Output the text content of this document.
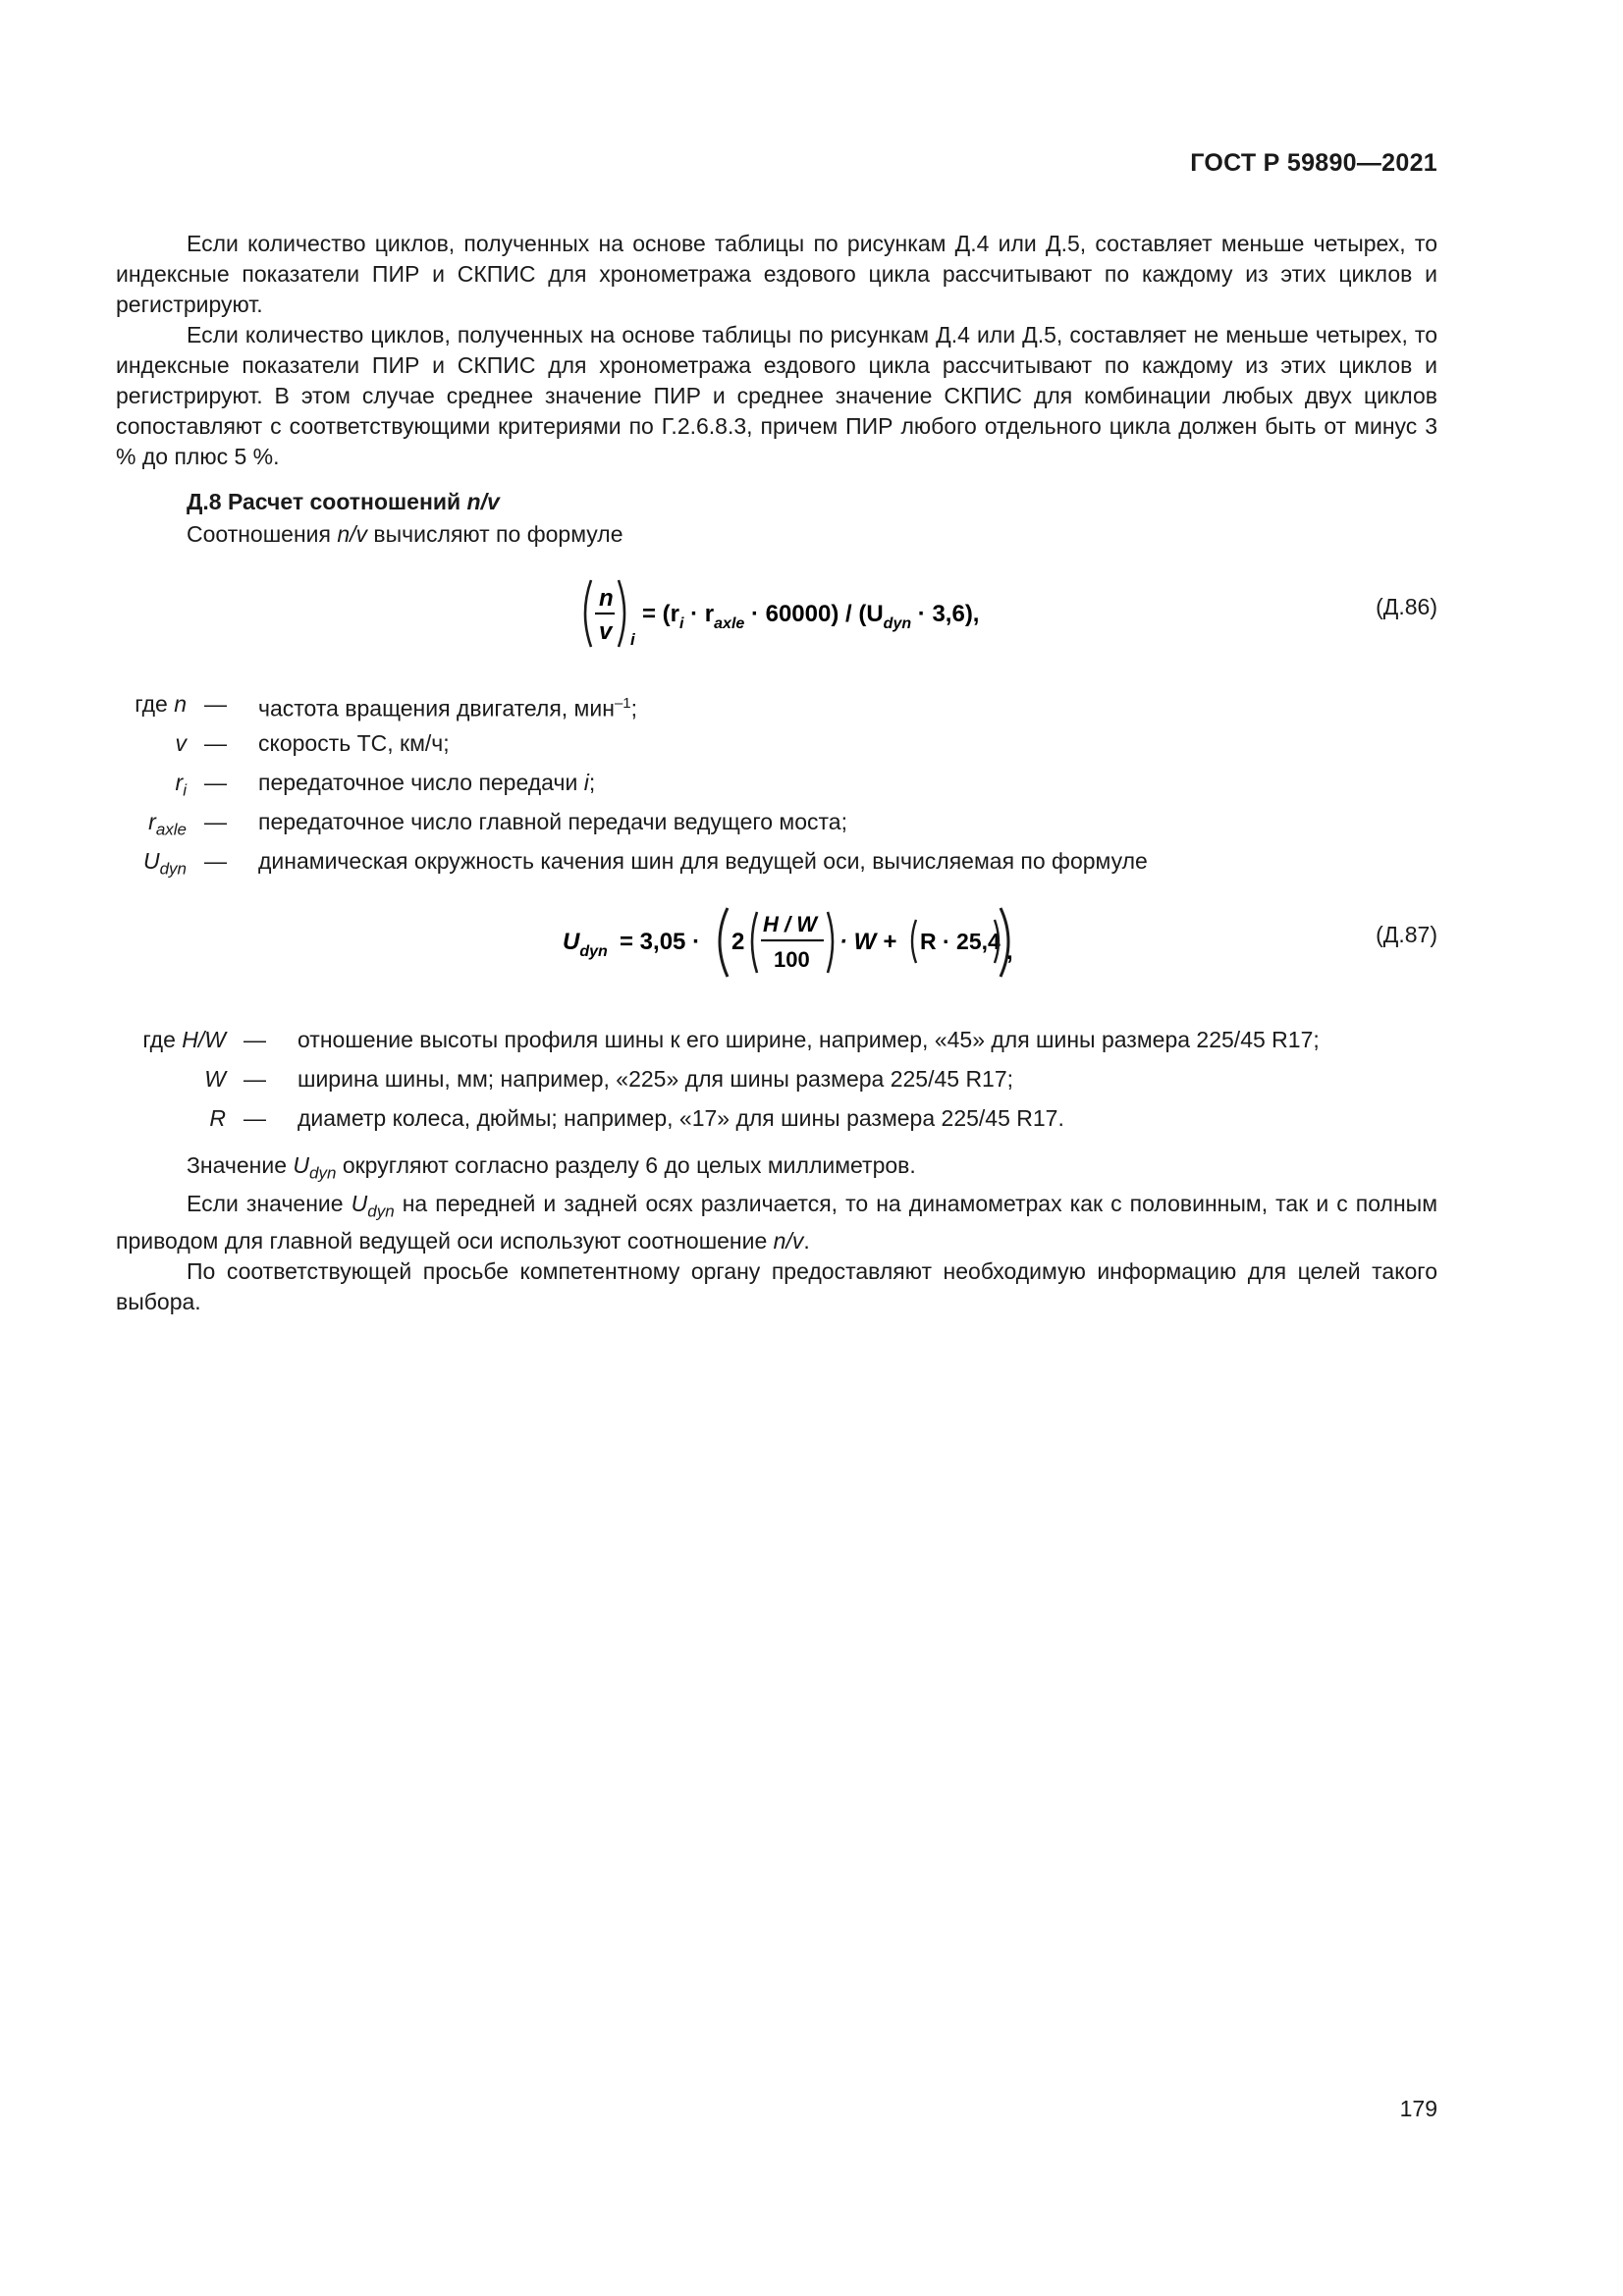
ГОСТ Р 59890—2021

Если количество циклов, полученных на основе таблицы по рисункам Д.4 или Д.5, составляет меньше четырех, то индексные показатели ПИР и СКПИС для хронометража ездового цикла рассчитывают по каждому из этих циклов и регистрируют.

Если количество циклов, полученных на основе таблицы по рисункам Д.4 или Д.5, составляет не меньше четырех, то индексные показатели ПИР и СКПИС для хронометража ездового цикла рассчитывают по каждому из этих циклов и регистрируют. В этом случае среднее значение ПИР и среднее значение СКПИС для комбинации любых двух циклов сопоставляют с соответствующими критериями по Г.2.6.8.3, причем ПИР любого отдельного цикла должен быть от минус 3 % до плюс 5 %.

Д.8 Расчет соотношений n/v

Соотношения n/v вычисляют по формуле

n
v i
= $(r_i \cdot r_{axle} \cdot 60000) / (U_{dyn} \cdot 3,6)$,	(Д.86)
где n — частота вращения двигателя, мин$^{-1}$;
v — скорость ТС, км/ч;
$r_i$ — передаточное число передачи i;
$r_{axle}$ — передаточное число главной передачи ведущего моста;
$U_{dyn}$ — динамическая окружность качения шин для ведущей оси, вычисляемая по формуле
$U_{dyn} = 3,05 \cdot 2$
H / W
100
· W + R · 25,4 ,
(Д.87)
где H/W — отношение высоты профиля шины к его ширине, например, «45» для шины размера 225/45 R17;
W — ширина шины, мм; например, «225» для шины размера 225/45 R17;
R — диаметр колеса, дюймы; например, «17» для шины размера 225/45 R17.

Значение $U_{dyn}$ округляют согласно разделу 6 до целых миллиметров.

Если значение $U_{dyn}$ на передней и задней осях различается, то на динамометрах как с половинным, так и с полным приводом для главной ведущей оси используют соотношение n/v.

По соответствующей просьбе компетентному органу предоставляют необходимую информацию для целей такого выбора.

179
